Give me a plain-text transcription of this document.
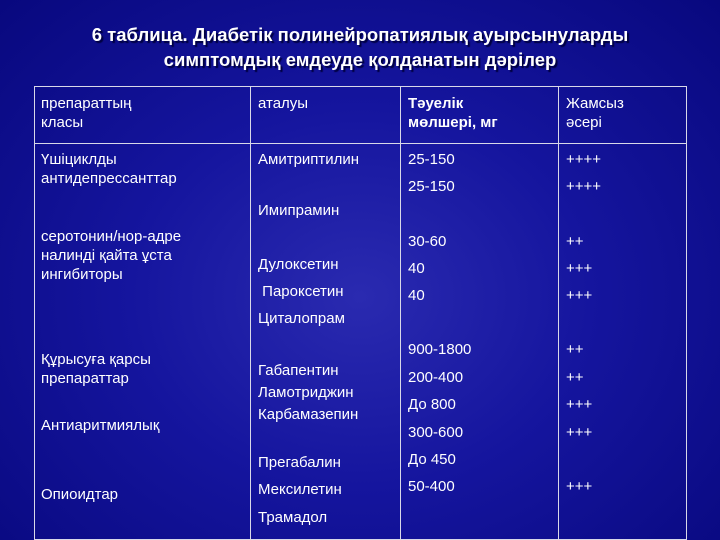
6 таблица. Диабетік полинейропатиялық ауырсынуларды
симптомдық емдеуде қолданатын дәрілер
препараттың
класы
аталуы	Тәуелік
мөлшері, мг
Жамсыз
әсері
Үшіциклды
антидепрессанттар
серотонин/нор-адре
налинді қайта ұста
ингибиторы
Құрысуға қарсы
препараттар
Антиаритмиялық
Опиоидтар
Амитриптилин
Имипрамин
Дулоксетин
Пароксетин
Циталопрам
Габапентин
Ламотриджин
Карбамазепин
Прегабалин
Мексилетин
Трамадол
25-150
25-150
30-60
40
40
900-1800
200-400
До 800
300-600
До 450
50-400
++++
++++
++
+++
+++
++
++
+++
+++
+++
